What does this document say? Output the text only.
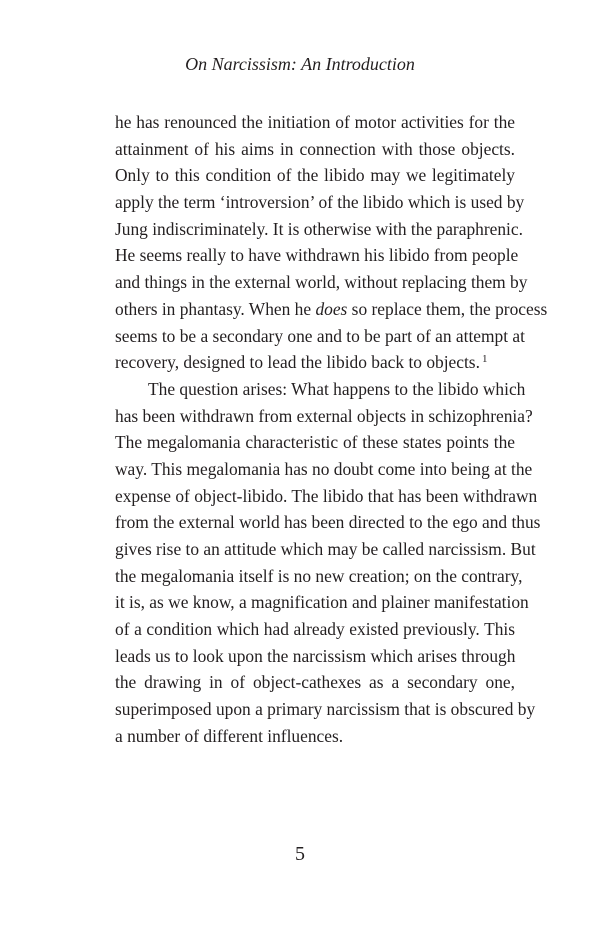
On Narcissism: An Introduction
he has renounced the initiation of motor activities for the
attainment of his aims in connection with those objects.
Only to this condition of the libido may we legitimately
apply the term ‘introversion’ of the libido which is used by
Jung indiscriminately. It is otherwise with the paraphrenic.
He seems really to have withdrawn his libido from people
and things in the external world, without replacing them by
others in phantasy. When he does so replace them, the process
seems to be a secondary one and to be part of an attempt at
recovery, designed to lead the libido back to objects. $^1$
The question arises: What happens to the libido which
has been withdrawn from external objects in schizophrenia?
The megalomania characteristic of these states points the
way. This megalomania has no doubt come into being at the
expense of object-libido. The libido that has been withdrawn
from the external world has been directed to the ego and thus
gives rise to an attitude which may be called narcissism. But
the megalomania itself is no new creation; on the contrary,
it is, as we know, a magnification and plainer manifestation
of a condition which had already existed previously. This
leads us to look upon the narcissism which arises through
the drawing in of object-cathexes as a secondary one,
superimposed upon a primary narcissism that is obscured by
a number of different influences.
5
